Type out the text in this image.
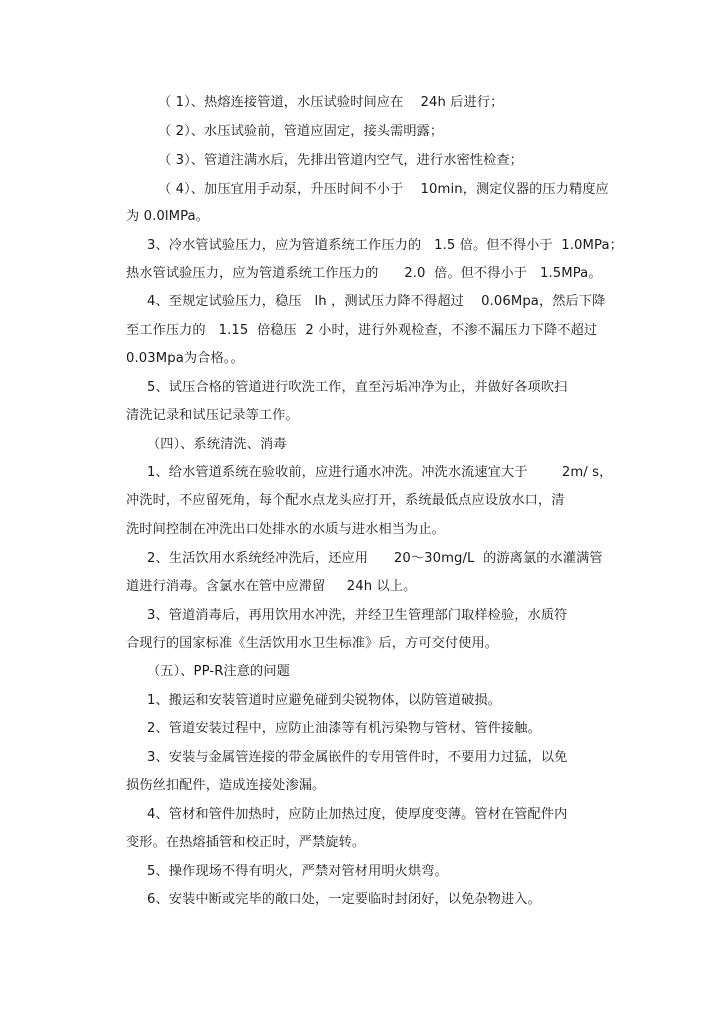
（ 1）、热熔连接管道，水压试验时间应在    24h 后进行；
（ 2）、水压试验前，管道应固定，接头需明露；
（ 3）、管道注满水后，先排出管道内空气，进行水密性检查；
（ 4）、加压宜用手动泵，升压时间不小于    10min，测定仪器的压力精度应
为 0.0lMPa。
3、冷水管试验压力，应为管道系统工作压力的   1.5 倍。但不得小于  1.0MPa；
热水管试验压力，应为管道系统工作压力的      2.0  倍。但不得小于   1.5MPa。
4、至规定试验压力，稳压   lh ，测试压力降不得超过    0.06Mpa，然后下降
至工作压力的   1.15  倍稳压  2 小时，进行外观检查，不渗不漏压力下降不超过
0.03Mpa为合格。。
5、试压合格的管道进行吹洗工作，直至污垢冲净为止，并做好各项吹扫
清洗记录和试压记录等工作。
（四）、系统清洗、消毒
1、给水管道系统在验收前，应进行通水冲洗。冲洗水流速宜大于        2m/ s，
冲洗时，不应留死角，每个配水点龙头应打开，系统最低点应设放水口，清
洗时间控制在冲洗出口处排水的水质与进水相当为止。
2、生活饮用水系统经冲洗后，还应用      20～30mg/L  的游离氯的水灌满管
道进行消毒。含氯水在管中应滞留     24h 以上。
3、管道消毒后，再用饮用水冲洗，并经卫生管理部门取样检验，水质符
合现行的国家标准《生活饮用水卫生标准》后，方可交付使用。
（五）、PP-R注意的问题
1、搬运和安装管道时应避免碰到尖锐物体，以防管道破损。
2、管道安装过程中，应防止油漆等有机污染物与管材、管件接触。
3、安装与金属管连接的带金属嵌件的专用管件时，不要用力过猛，以免
损伤丝扣配件，造成连接处渗漏。
4、管材和管件加热时，应防止加热过度，使厚度变薄。管材在管配件内
变形。在热熔插管和校正时，严禁旋转。
5、操作现场不得有明火，严禁对管材用明火烘弯。
6、安装中断或完毕的敞口处，一定要临时封闭好，以免杂物进入。
